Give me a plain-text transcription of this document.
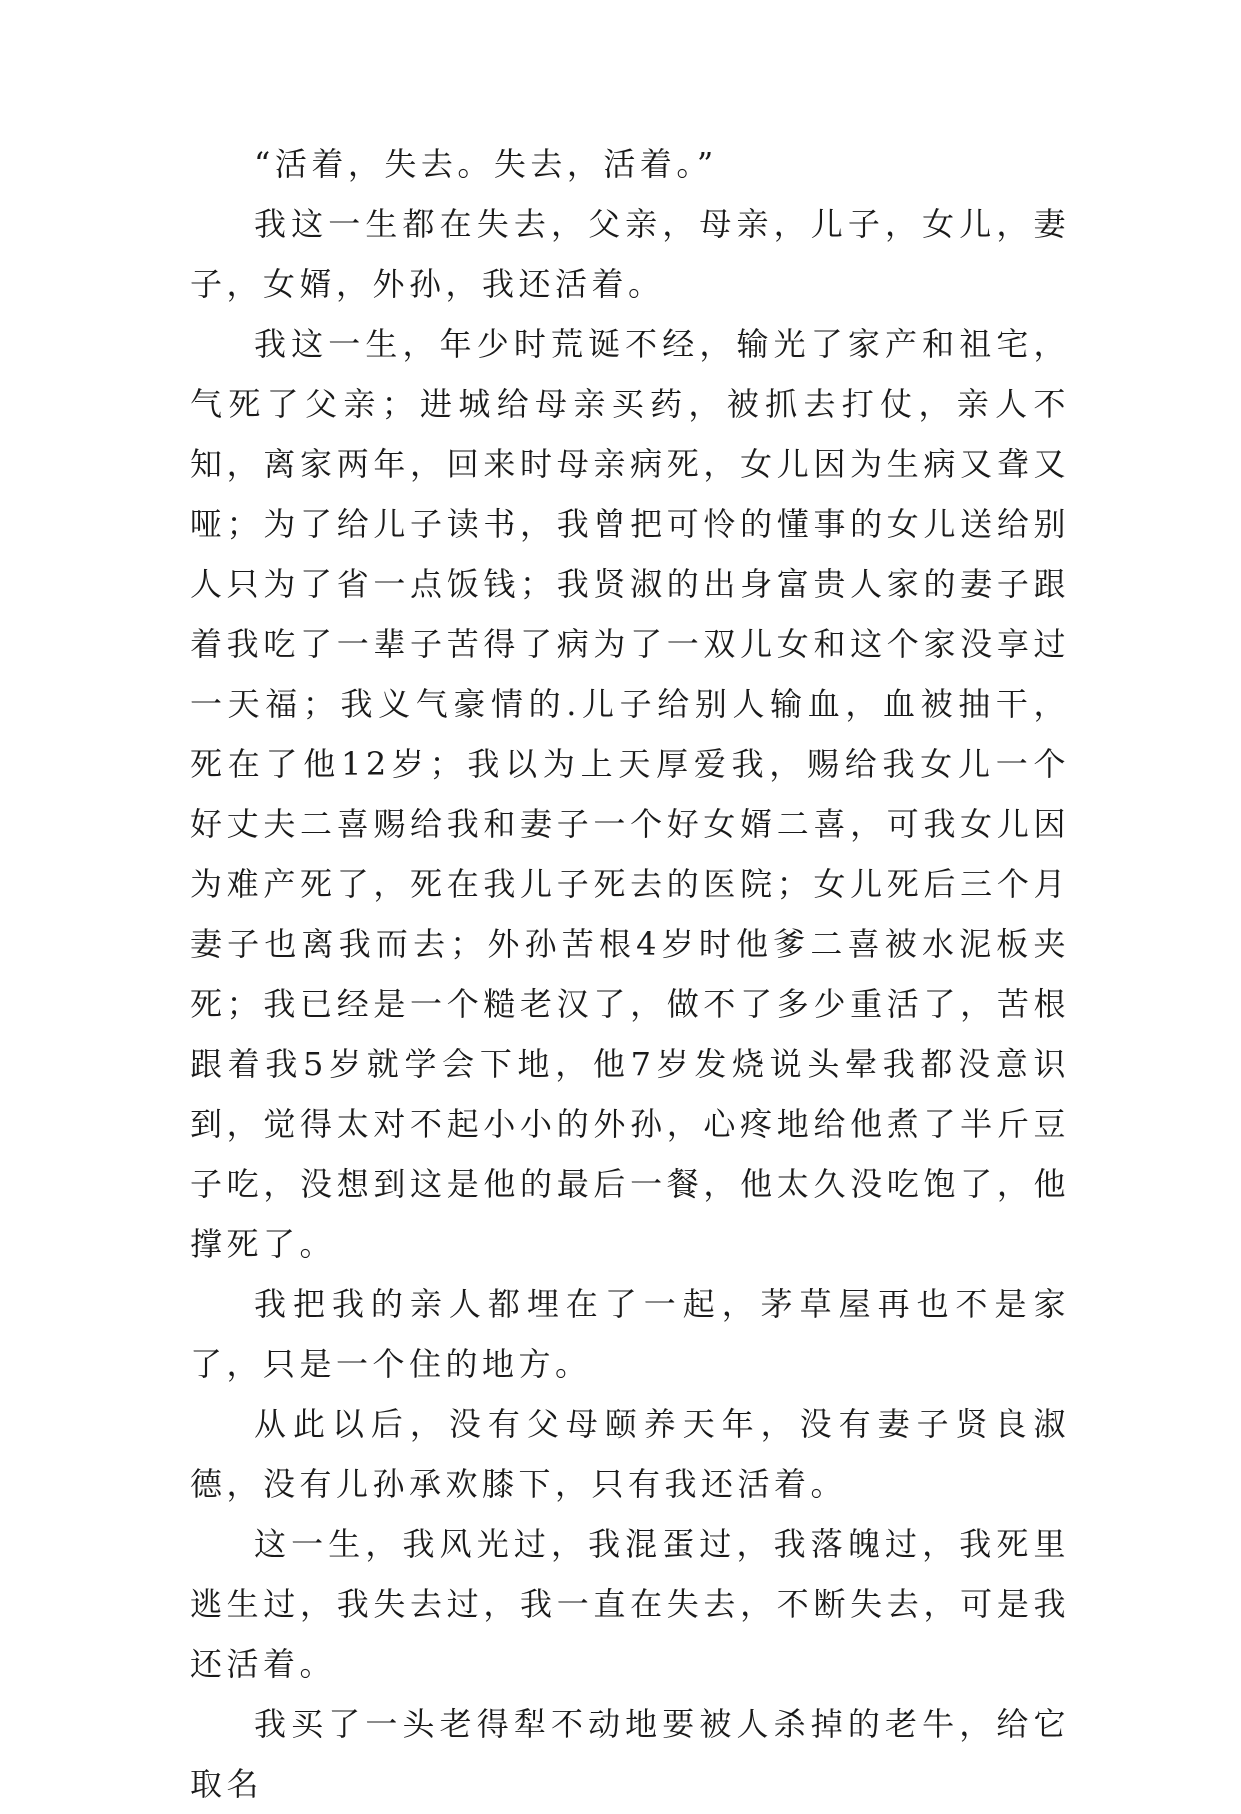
“活着，失去。失去，活着。”

我这一生都在失去，父亲，母亲，儿子，女儿，妻子，女婿，外孙，我还活着。

我这一生，年少时荒诞不经，输光了家产和祖宅，气死了父亲；进城给母亲买药，被抓去打仗，亲人不知，离家两年，回来时母亲病死，女儿因为生病又聋又哑；为了给儿子读书，我曾把可怜的懂事的女儿送给别人只为了省一点饭钱；我贤淑的出身富贵人家的妻子跟着我吃了一辈子苦得了病为了一双儿女和这个家没享过一天福；我义气豪情的.儿子给别人输血，血被抽干，死在了他12岁；我以为上天厚爱我，赐给我女儿一个好丈夫二喜赐给我和妻子一个好女婿二喜，可我女儿因为难产死了，死在我儿子死去的医院；女儿死后三个月妻子也离我而去；外孙苦根4岁时他爹二喜被水泥板夹死；我已经是一个糙老汉了，做不了多少重活了，苦根跟着我5岁就学会下地，他7岁发烧说头晕我都没意识到，觉得太对不起小小的外孙，心疼地给他煮了半斤豆子吃，没想到这是他的最后一餐，他太久没吃饱了，他撑死了。

我把我的亲人都埋在了一起，茅草屋再也不是家了，只是一个住的地方。

从此以后，没有父母颐养天年，没有妻子贤良淑德，没有儿孙承欢膝下，只有我还活着。

这一生，我风光过，我混蛋过，我落魄过，我死里逃生过，我失去过，我一直在失去，不断失去，可是我还活着。

我买了一头老得犁不动地要被人杀掉的老牛，给它取名
